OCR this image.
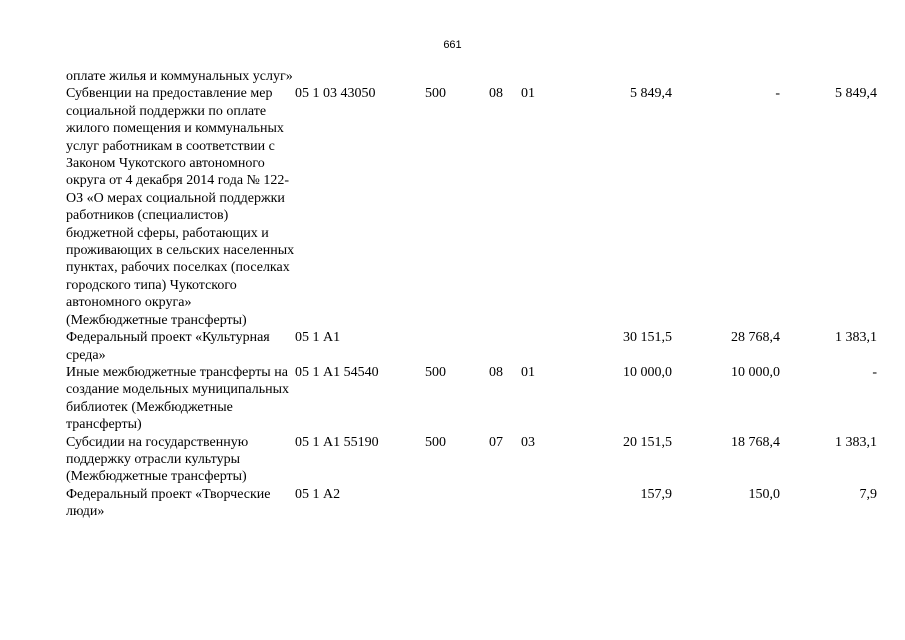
661
оплате жилья и коммунальных услуг»							
Субвенции на предоставление мер социальной поддержки по оплате жилого помещения и коммунальных услуг работникам в соответствии с Законом Чукотского автономного округа от 4 декабря 2014 года № 122-ОЗ «О мерах социальной поддержки работников (специалистов) бюджетной сферы, работающих и проживающих в сельских населенных пунктах, рабочих поселках (поселках городского типа) Чукотского автономного округа» (Межбюджетные трансферты)	05 1 03 43050	500	08	01	5 849,4	-	5 849,4
Федеральный проект «Культурная среда»	05 1 А1				30 151,5	28 768,4	1 383,1
Иные межбюджетные трансферты на создание модельных муниципальных библиотек (Межбюджетные трансферты)	05 1 А1 54540	500	08	01	10 000,0	10 000,0	-
Субсидии на государственную поддержку отрасли культуры (Межбюджетные трансферты)	05 1 А1 55190	500	07	03	20 151,5	18 768,4	1 383,1
Федеральный проект «Творческие люди»	05 1 А2				157,9	150,0	7,9
